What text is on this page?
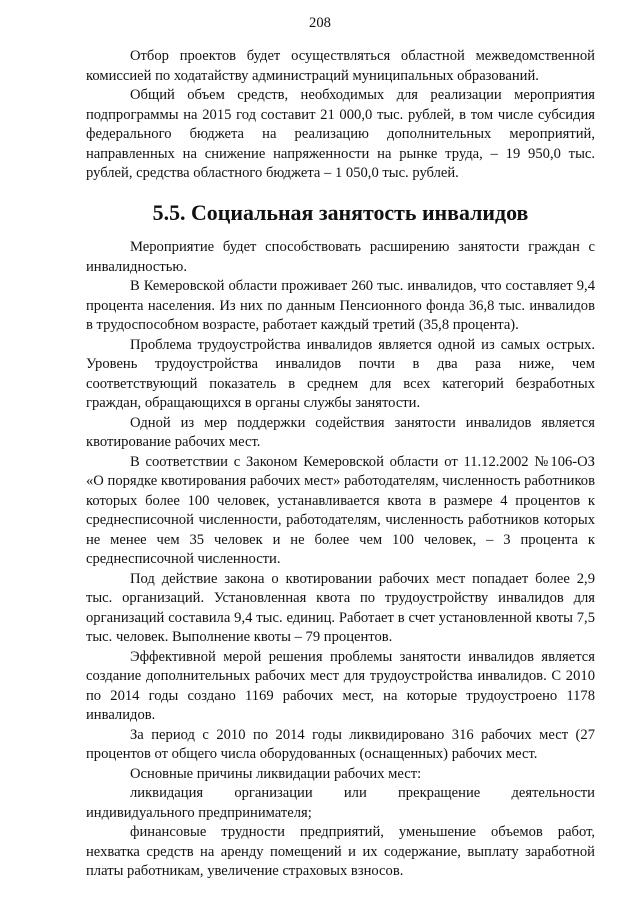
208

Отбор проектов будет осуществляться областной межведомственной комиссией по ходатайству администраций муниципальных образований.

Общий объем средств, необходимых для реализации мероприятия подпрограммы на 2015 год составит 21 000,0 тыс. рублей, в том числе субсидия федерального бюджета на реализацию дополнительных мероприятий, направленных на снижение напряженности на рынке труда, – 19 950,0 тыс. рублей, средства областного бюджета – 1 050,0 тыс. рублей.

5.5. Социальная занятость инвалидов

Мероприятие будет способствовать расширению занятости граждан с инвалидностью.

В Кемеровской области проживает 260 тыс. инвалидов, что составляет 9,4 процента населения. Из них по данным Пенсионного фонда 36,8 тыс. инвалидов в трудоспособном возрасте, работает каждый третий (35,8 процента).

Проблема трудоустройства инвалидов является одной из самых острых. Уровень трудоустройства инвалидов почти в два раза ниже, чем соответствующий показатель в среднем для всех категорий безработных граждан, обращающихся в органы службы занятости.

Одной из мер поддержки содействия занятости инвалидов является квотирование рабочих мест.

В соответствии с Законом Кемеровской области от 11.12.2002 №106-ОЗ «О порядке квотирования рабочих мест» работодателям, численность работников которых более 100 человек, устанавливается квота в размере 4 процентов к среднесписочной численности, работодателям, численность работников которых не менее чем 35 человек и не более чем 100 человек, – 3 процента к среднесписочной численности.

Под действие закона о квотировании рабочих мест попадает более 2,9 тыс. организаций. Установленная квота по трудоустройству инвалидов для организаций составила 9,4 тыс. единиц. Работает в счет установленной квоты 7,5 тыс. человек. Выполнение квоты – 79 процентов.

Эффективной мерой решения проблемы занятости инвалидов является создание дополнительных рабочих мест для трудоустройства инвалидов. С 2010 по 2014 годы создано 1169 рабочих мест, на которые трудоустроено 1178 инвалидов.

За период с 2010 по 2014 годы ликвидировано 316 рабочих мест (27 процентов от общего числа оборудованных (оснащенных) рабочих мест.

Основные причины ликвидации рабочих мест:

ликвидация организации или прекращение деятельности индивидуального предпринимателя;

финансовые трудности предприятий, уменьшение объемов работ, нехватка средств на аренду помещений и их содержание, выплату заработной платы работникам, увеличение страховых взносов.
